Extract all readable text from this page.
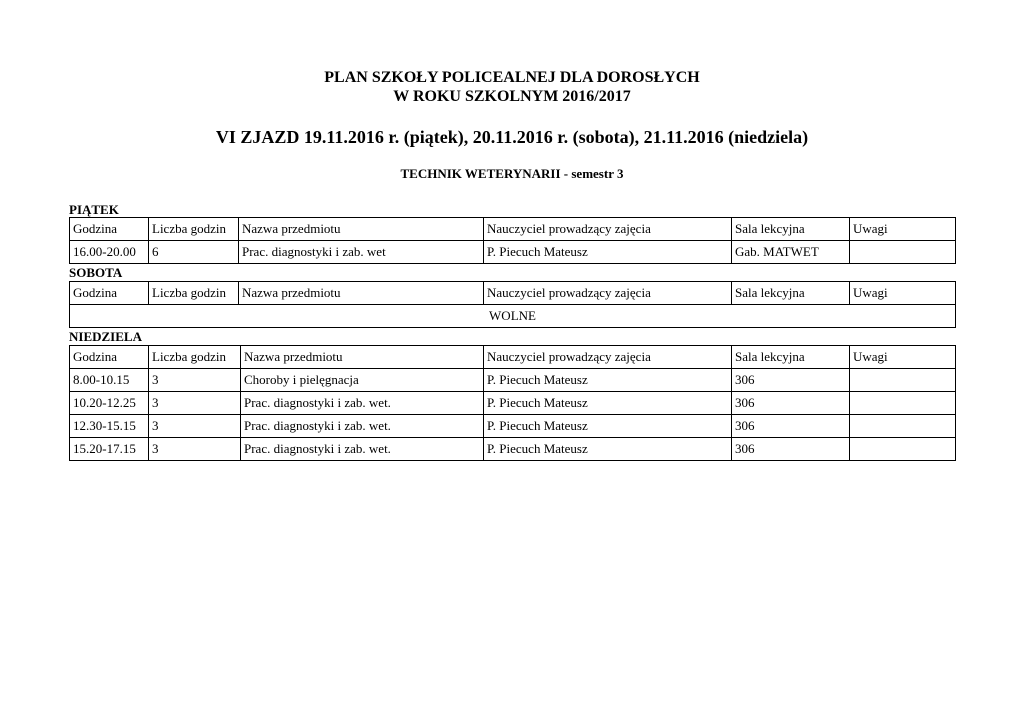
PLAN SZKOŁY POLICEALNEJ DLA DOROSŁYCH
W ROKU SZKOLNYM 2016/2017
VI ZJAZD 19.11.2016 r. (piątek), 20.11.2016 r. (sobota), 21.11.2016 (niedziela)
TECHNIK WETERYNARII - semestr 3
PIĄTEK
Godzina	Liczba godzin	Nazwa przedmiotu	Nauczyciel prowadzący zajęcia	Sala lekcyjna	Uwagi
16.00-20.00	6	Prac. diagnostyki i zab. wet	P. Piecuch Mateusz	Gab. MATWET	
SOBOTA
Godzina	Liczba godzin	Nazwa przedmiotu	Nauczyciel prowadzący zajęcia	Sala lekcyjna	Uwagi
WOLNE
NIEDZIELA
Godzina	Liczba godzin	Nazwa przedmiotu	Nauczyciel prowadzący zajęcia	Sala lekcyjna	Uwagi
8.00-10.15	3	Choroby i pielęgnacja	P. Piecuch Mateusz	306	
10.20-12.25	3	Prac. diagnostyki i zab. wet.	P. Piecuch Mateusz	306	
12.30-15.15	3	Prac. diagnostyki i zab. wet.	P. Piecuch Mateusz	306	
15.20-17.15	3	Prac. diagnostyki i zab. wet.	P. Piecuch Mateusz	306	
